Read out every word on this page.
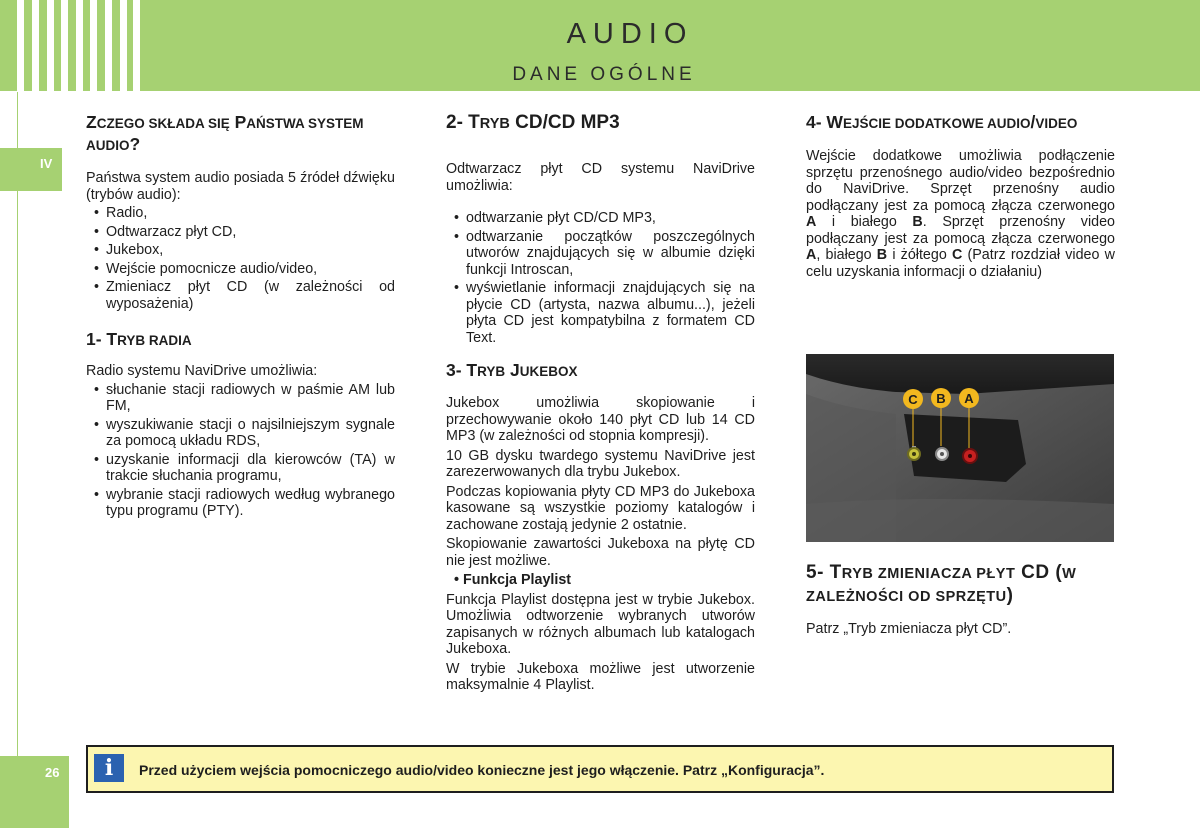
AUDIO
DANE OGÓLNE
IV
26
ZCZEGO SKŁADA SIĘ PAŃSTWA SYSTEM AUDIO?

Państwa system audio posiada 5 źródeł dźwięku (trybów audio):

• Radio,
• Odtwarzacz płyt CD,
• Jukebox,
• Wejście pomocnicze audio/video,
• Zmieniacz płyt CD (w zależności od wyposażenia)
1- TRYB RADIA

Radio systemu NaviDrive umożliwia:

• słuchanie stacji radiowych w paśmie AM lub FM,
• wyszukiwanie stacji o najsilniejszym sygnale za pomocą układu RDS,
• uzyskanie informacji dla kierowców (TA) w trakcie słuchania programu,
• wybranie stacji radiowych według wybranego typu programu (PTY).
2- TRYB CD/CD MP3

Odtwarzacz płyt CD systemu NaviDrive umożliwia:

• odtwarzanie płyt CD/CD MP3,
• odtwarzanie początków poszczególnych utworów znajdujących się w albumie dzięki funkcji Introscan,
• wyświetlanie informacji znajdujących się na płycie CD (artysta, nazwa albumu...), jeżeli płyta CD jest kompatybilna z formatem CD Text.
3- TRYB JUKEBOX

Jukebox umożliwia skopiowanie i przechowywanie około 140 płyt CD lub 14 CD MP3 (w zależności od stopnia kompresji).

10 GB dysku twardego systemu NaviDrive jest zarezerwowanych dla trybu Jukebox.

Podczas kopiowania płyty CD MP3 do Jukeboxa kasowane są wszystkie poziomy katalogów i zachowane zostają jedynie 2 ostatnie.

Skopiowanie zawartości Jukeboxa na płytę CD nie jest możliwe.

• Funkcja Playlist

Funkcja Playlist dostępna jest w trybie Jukebox. Umożliwia odtworzenie wybranych utworów zapisanych w różnych albumach lub katalogach Jukeboxa.

W trybie Jukeboxa możliwe jest utworzenie maksymalnie 4 Playlist.

4- WEJŚCIE DODATKOWE AUDIO/VIDEO

Wejście dodatkowe umożliwia podłączenie sprzętu przenośnego audio/video bezpośrednio do NaviDrive. Sprzęt przenośny audio podłączany jest za pomocą złącza czerwonego A i białego B. Sprzęt przenośny video podłączany jest za pomocą złącza czerwonego A, białego B i żółtego C (Patrz rozdział video w celu uzyskania informacji o działaniu)

C B A
5- TRYB ZMIENIACZA PŁYT CD (W ZALEŻNOŚCI OD SPRZĘTU)

Patrz „Tryb zmieniacza płyt CD”.

i	Przed użyciem wejścia pomocniczego audio/video konieczne jest jego włączenie. Patrz „Konfiguracja”.
